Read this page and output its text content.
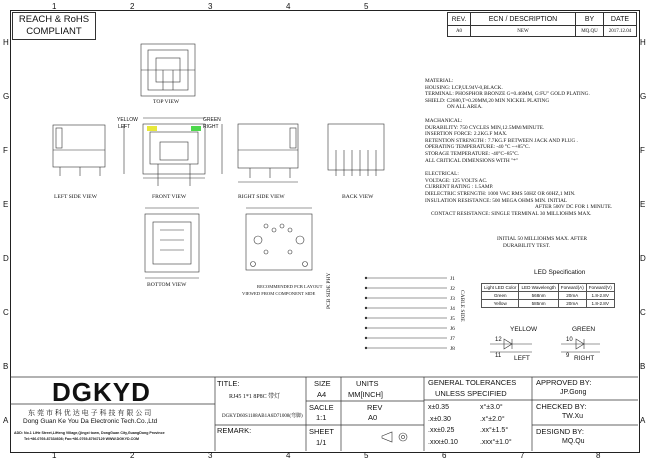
1	2	3	4	5
1	2	3	4	5	6	7	8
H
G
F
E
D
C
B
A
H
G
F
E
D
C
B
A
REACH & RoHS
COMPLIANT
REV.	ECN / DESCRIPTION	BY	DATE
A0	NEW	MQ.QU	2017.12.04
TOP VIEW
YELLOW
LEFT
GREEN
RIGHT
LEFT SIDE VIEW	FRONT VIEW	RIGHT SIDE VIEW	BACK VIEW
BOTTOM VIEW	RECOMMENDED PCB LAYOUT
VIEWED FROM COMPONENT SIDE
MATERIAL:
HOUSING: LCP,UL94V-0,BLACK.
TERMINAL: PHOSPHOR BRONZE G=0.46MM, G:FU" GOLD PLATING.
SHIELD: C2680,T=0.20MM,20 MIN NICKEL PLATING
ON ALL AREA.
MACHANICAL:
DURABILITY: 750 CYCLES MIN,12.5MM/MINUTE.
INSERTION FORCE: 2.2KG.F MAX.
RETENTION STRENGTH : 7.7KG.F BETWEEN JACK AND PLUG .
OPERATING TEMPERATURE: -40 °C ~+85°C.
STORAGE TEMPERATURE: -40°C~85°C.
ALL CRITICAL DIMENSIONS WITH "*"
ELECTRICAL:
VOLTAGE: 125 VOLTS AC.
CURRENT RATING : 1.5AMP.
DIELECTRIC STRENGTH: 1000 VAC RMS 50HZ OR 60HZ,1 MIN.
INSULATION RESISTANCE: 500 MEGA OHMS MIN. INITIAL
AFTER 500V DC FOR 1 MINUTE.
CONTACT RESISTANCE: SINGLE TERMINAL 30 MILLIOHMS MAX.
INITIAL 50 MILLIOHMS MAX. AFTER
DURABILITY TEST.
LED Specification
Light LED Color	LED Wavelength	Forward(A)	Forward(V)
Green	568nm	20mA	1.8-2.8V
Yellow	585nm	20mA	1.8-2.8V
PCB SIDE PHY	CABLE SIDE
J1
J2
J3
J4
J5
J6
J7
J8
YELLOW	GREEN
12
11
10
9
LEFT	RIGHT
DGKYD
东 莞 市 科 优 达 电 子 科 技 有 限 公 司
Dong Guan Ke You Da Electronic Tech.Co.,Ltd
ADD: No.1 LiHe Street,LiHeng Village,Qingxi town, DongGuan City,GuangDong Province
Tel:+86-0769-87334608; Fax:+86-0769-87947129 WWW.DGKYD.COM
TITLE:
RJ45 1*1 8P8C 带灯
DGKYD60S1188AB1A6D71008(弯脚)
REMARK:
SIZE
A4
UNITS
MM[INCH]
SACLE
1:1
REV
A0
SHEET
1/1
GENERAL TOLERANCES
UNLESS SPECIFIED
x±0.35	x°±3.0°
.x±0.30	.x°±2.0°
.xx±0.25	.xx°±1.5°
.xxx±0.10	.xxx°±1.0°
APPROVED BY:
JP.Gong
CHECKED BY:
TW.Xu
DESIGND BY:
MQ.Qu
